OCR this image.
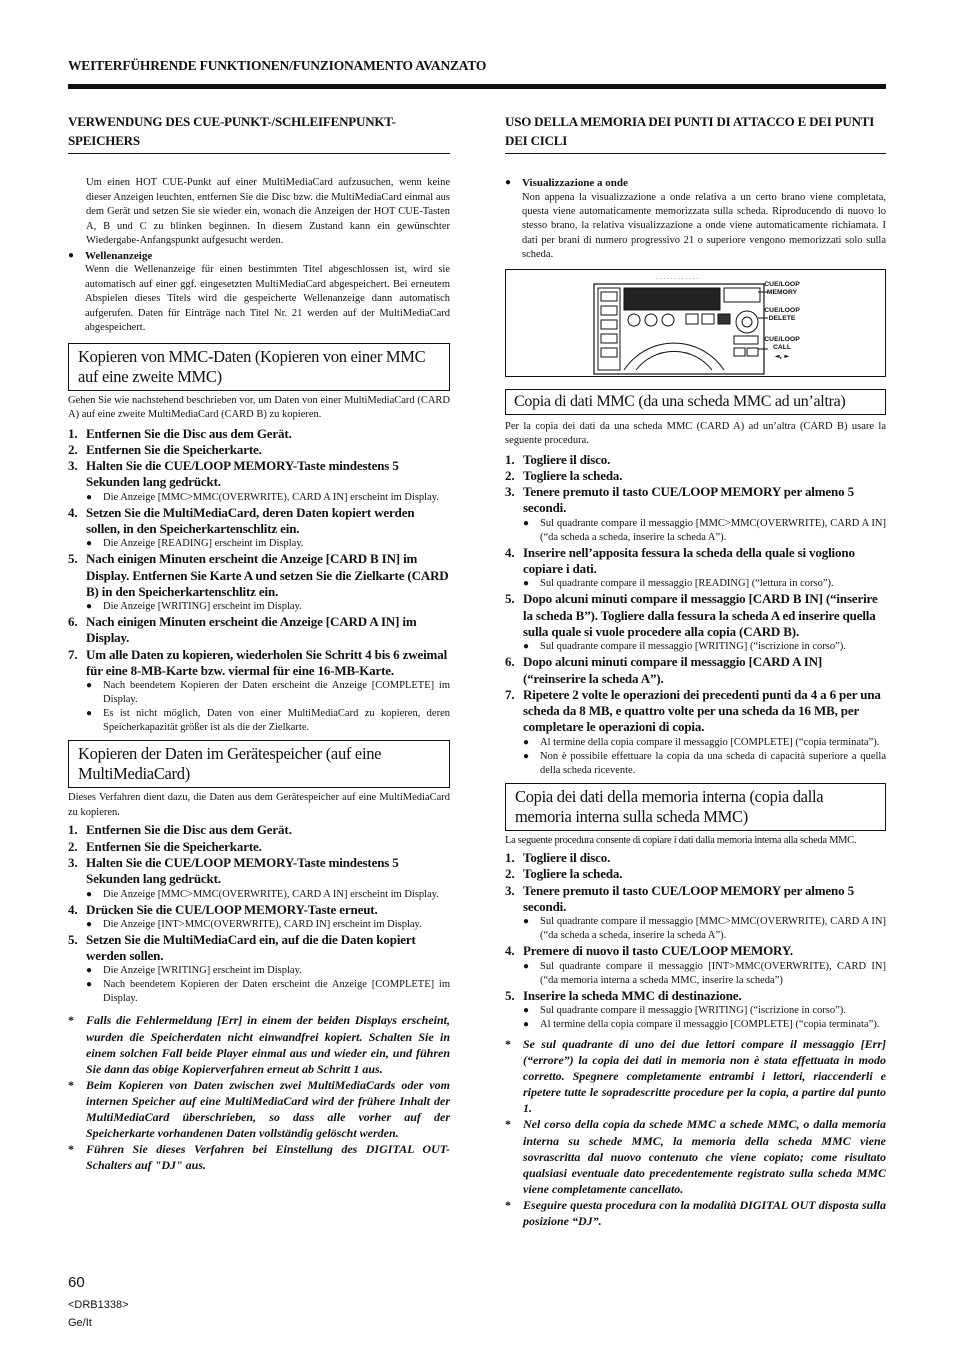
WEITERFÜHRENDE FUNKTIONEN/FUNZIONAMENTO AVANZATO
VERWENDUNG DES CUE-PUNKT-/SCHLEIFENPUNKT-SPEICHERS
Um einen HOT CUE-Punkt auf einer MultiMediaCard aufzusuchen, wenn keine dieser Anzeigen leuchten, entfernen Sie die Disc bzw. die MultiMediaCard einmal aus dem Gerät und setzen Sie sie wieder ein, wonach die Anzeigen der HOT CUE-Tasten A, B und C zu blinken beginnen. In diesem Zustand kann ein gewünschter Wiedergabe-Anfangspunkt aufgesucht werden.
● Wellenanzeige
Wenn die Wellenanzeige für einen bestimmten Titel abgeschlossen ist, wird sie automatisch auf einer ggf. eingesetzten MultiMediaCard abgespeichert. Bei erneutem Abspielen dieses Titels wird die gespeicherte Wellenanzeige dann automatisch aufgerufen. Daten für Einträge nach Titel Nr. 21 werden auf der MultiMediaCard abgespeichert.
Kopieren von MMC-Daten (Kopieren von einer MMC auf eine zweite MMC)
Gehen Sie wie nachstehend beschrieben vor, um Daten von einer MultiMediaCard (CARD A) auf eine zweite MultiMediaCard (CARD B) zu kopieren.
1. Entfernen Sie die Disc aus dem Gerät.
2. Entfernen Sie die Speicherkarte.
3. Halten Sie die CUE/LOOP MEMORY-Taste mindestens 5 Sekunden lang gedrückt.
●
Die Anzeige [MMC>MMC(OVERWRITE), CARD A IN] erscheint im Display.
4. Setzen Sie die MultiMediaCard, deren Daten kopiert werden sollen, in den Speicherkartenschlitz ein.
●
Die Anzeige [READING] erscheint im Display.
5. Nach einigen Minuten erscheint die Anzeige [CARD B IN] im Display. Entfernen Sie Karte A und setzen Sie die Zielkarte (CARD B) in den Speicherkartenschlitz ein.
●
Die Anzeige [WRITING] erscheint im Display.
6. Nach einigen Minuten erscheint die Anzeige [CARD A IN] im Display.
7. Um alle Daten zu kopieren, wiederholen Sie Schritt 4 bis 6 zweimal für eine 8-MB-Karte bzw. viermal für eine 16-MB-Karte.
●
Nach beendetem Kopieren der Daten erscheint die Anzeige [COMPLETE] im Display.
●
Es ist nicht möglich, Daten von einer MultiMediaCard zu kopieren, deren Speicherkapazität größer ist als die der Zielkarte.
Kopieren der Daten im Gerätespeicher (auf eine MultiMediaCard)
Dieses Verfahren dient dazu, die Daten aus dem Gerätespeicher auf eine MultiMediaCard zu kopieren.
1. Entfernen Sie die Disc aus dem Gerät.
2. Entfernen Sie die Speicherkarte.
3. Halten Sie die CUE/LOOP MEMORY-Taste mindestens 5 Sekunden lang gedrückt.
●
Die Anzeige [MMC>MMC(OVERWRITE), CARD A IN] erscheint im Display.
4. Drücken Sie die CUE/LOOP MEMORY-Taste erneut.
●
Die Anzeige [INT>MMC(OVERWRITE), CARD IN] erscheint im Display.
5. Setzen Sie die MultiMediaCard ein, auf die die Daten kopiert werden sollen.
●
Die Anzeige [WRITING] erscheint im Display.
●
Nach beendetem Kopieren der Daten erscheint die Anzeige [COMPLETE] im Display.
*	Falls die Fehlermeldung [Err] in einem der beiden Displays erscheint, wurden die Speicherdaten nicht einwandfrei kopiert. Schalten Sie in einem solchen Fall beide Player einmal aus und wieder ein, und führen Sie dann das obige Kopierverfahren erneut ab Schritt 1 aus.
*	Beim Kopieren von Daten zwischen zwei MultiMediaCards oder vom internen Speicher auf eine MultiMediaCard wird der frühere Inhalt der MultiMediaCard überschrieben, so dass alle vorher auf der Speicherkarte vorhandenen Daten vollständig gelöscht werden.
*	Führen Sie dieses Verfahren bei Einstellung des DIGITAL OUT-Schalters auf "DJ" aus.
USO DELLA MEMORIA DEI PUNTI DI ATTACCO E DEI PUNTI DEI CICLI
● Visualizzazione a onde
Non appena la visualizzazione a onde relativa a un certo brano viene completata, questa viene automaticamente memorizzata sulla scheda. Riproducendo di nuovo lo stesso brano, la relativa visualizzazione a onde viene automaticamente richiamata. I dati per brani di numero progressivo 21 o superiore vengono memorizzati solo sulla scheda.
· · · · · · · · · · · ·
CUE/LOOP MEMORY
CUE/LOOP DELETE
CUE/LOOP CALL
◄, ►
Copia di dati MMC (da una scheda MMC ad un’altra)
Per la copia dei dati da una scheda MMC (CARD A) ad un’altra (CARD B) usare la seguente procedura.
1. Togliere il disco.
2. Togliere la scheda.
3. Tenere premuto il tasto CUE/LOOP MEMORY per almeno 5 secondi.
●
Sul quadrante compare il messaggio [MMC>MMC(OVERWRITE), CARD A IN] (“da scheda a scheda, inserire la scheda A”).
4. Inserire nell’apposita fessura la scheda della quale si vogliono copiare i dati.
●
Sul quadrante compare il messaggio [READING] (“lettura in corso”).
5. Dopo alcuni minuti compare il messaggio [CARD B IN] (“inserire la scheda B”). Togliere dalla fessura la scheda A ed inserire quella sulla quale si vuole procedere alla copia (CARD B).
●
Sul quadrante compare il messaggio [WRITING] (“iscrizione in corso”).
6. Dopo alcuni minuti compare il messaggio [CARD A IN] (“reinserire la scheda A”).
7. Ripetere 2 volte le operazioni dei precedenti punti da 4 a 6 per una scheda da 8 MB, e quattro volte per una scheda da 16 MB, per completare le operazioni di copia.
●
Al termine della copia compare il messaggio [COMPLETE] (“copia terminata”).
●
Non è possibile effettuare la copia da una scheda di capacità superiore a quella della scheda ricevente.
Copia dei dati della memoria interna (copia dalla memoria interna sulla scheda MMC)
La seguente procedura consente di copiare i dati dalla memoria interna alla scheda MMC.
1. Togliere il disco.
2. Togliere la scheda.
3. Tenere premuto il tasto CUE/LOOP MEMORY per almeno 5 secondi.
●
Sul quadrante compare il messaggio [MMC>MMC(OVERWRITE), CARD A IN] (“da scheda a scheda, inserire la scheda A”).
4. Premere di nuovo il tasto CUE/LOOP MEMORY.
●
Sul quadrante compare il messaggio [INT>MMC(OVERWRITE), CARD IN] (“da memoria interna a scheda MMC, inserire la scheda”)
5. Inserire la scheda MMC di destinazione.
●
Sul quadrante compare il messaggio [WRITING] (“iscrizione in corso”).
●
Al termine della copia compare il messaggio [COMPLETE] (“copia terminata”).
*	Se sul quadrante di uno dei due lettori compare il messaggio [Err] (“errore”) la copia dei dati in memoria non è stata effettuata in modo corretto. Spegnere completamente entrambi i lettori, riaccenderli e ripetere tutte le sopradescritte procedure per la copia, a partire dal punto 1.
*	Nel corso della copia da schede MMC a schede MMC, o dalla memoria interna su schede MMC, la memoria della scheda MMC viene sovrascritta dal nuovo contenuto che viene copiato; come risultato qualsiasi eventuale dato precedentemente registrato sulla scheda MMC viene completamente cancellato.
*	Eseguire questa procedura con la modalità DIGITAL OUT disposta sulla posizione “DJ”.
60
<DRB1338>
Ge/It
